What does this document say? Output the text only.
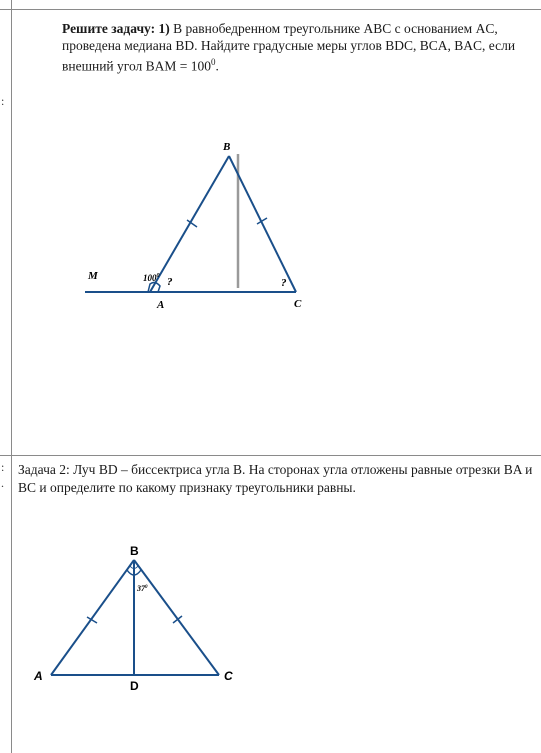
:
:
.
Решите задачу: 1) В равнобедренном треугольнике ABC с основанием AC, проведена медиана BD. Найдите градусные меры углов BDC, BCA, BAC, если внешний угол BAM = $100^0$.
B
M
A	C
$100^0$ ?	?
Задача 2: Луч BD – биссектриса угла B. На сторонах угла отложены равные отрезки BA и BC и определите по какому признаку треугольники равны.
B
A	C
D
$37^0$
